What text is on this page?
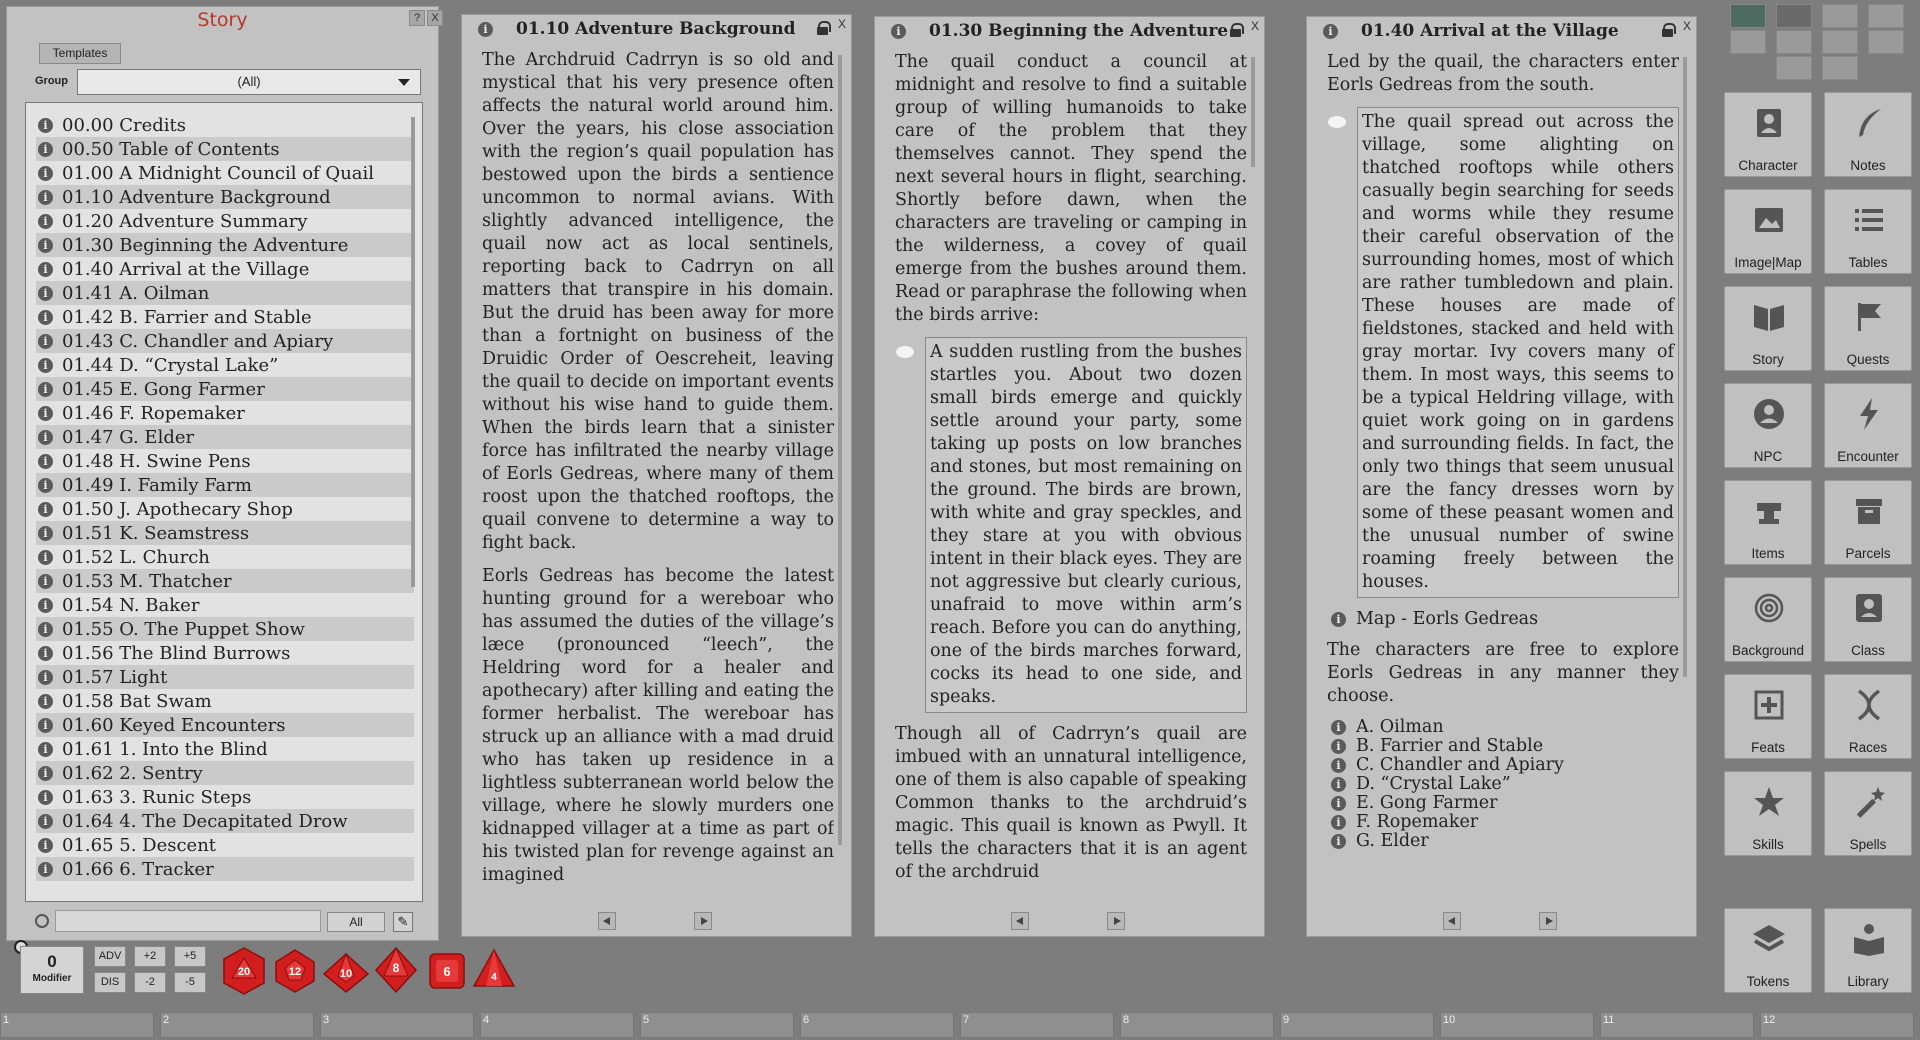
Story	?	X
Templates
Group	(All)
i 00.00 Credits
i 00.50 Table of Contents
i 01.00 A Midnight Council of Quail
i 01.10 Adventure Background
i 01.20 Adventure Summary
i 01.30 Beginning the Adventure
i 01.40 Arrival at the Village
i 01.41 A. Oilman
i 01.42 B. Farrier and Stable
i 01.43 C. Chandler and Apiary
i 01.44 D. “Crystal Lake”
i 01.45 E. Gong Farmer
i 01.46 F. Ropemaker
i 01.47 G. Elder
i 01.48 H. Swine Pens
i 01.49 I. Family Farm
i 01.50 J. Apothecary Shop
i 01.51 K. Seamstress
i 01.52 L. Church
i 01.53 M. Thatcher
i 01.54 N. Baker
i 01.55 O. The Puppet Show
i 01.56 The Blind Burrows
i 01.57 Light
i 01.58 Bat Swam
i 01.60 Keyed Encounters
i 01.61 1. Into the Blind
i 01.62 2. Sentry
i 01.63 3. Runic Steps
i 01.64 4. The Decapitated Drow
i 01.65 5. Descent
i 01.66 6. Tracker
All	✎
i	01.10 Adventure Background	X

The Archdruid Cadrryn is so old and mystical that his very presence often affects the natural world around him. Over the years, his close association with the region’s quail population has bestowed upon the birds a sentience uncommon to normal avians. With slightly advanced intelligence, the quail now act as local sentinels, reporting back to Cadrryn on all matters that transpire in his domain. But the druid has been away for more than a fortnight on business of the Druidic Order of Oescreheit, leaving the quail to decide on important events without his wise hand to guide them. When the birds learn that a sinister force has infiltrated the nearby village of Eorls Gedreas, where many of them roost upon the thatched rooftops, the quail convene to determine a way to fight back.

Eorls Gedreas has become the latest hunting ground for a wereboar who has assumed the duties of the village’s læce (pronounced “leech”, the Heldring word for a healer and apothecary) after killing and eating the former herbalist. The wereboar has struck up an alliance with a mad druid who has taken up residence in a lightless subterranean world below the village, where he slowly murders one kidnapped villager at a time as part of his twisted plan for revenge against an imagined

i	01.30 Beginning the Adventure X

The quail conduct a council at midnight and resolve to find a suitable group of willing humanoids to take care of the problem that they themselves cannot. They spend the next several hours in flight, searching. Shortly before dawn, when the characters are traveling or camping in the wilderness, a covey of quail emerge from the bushes around them. Read or paraphrase the following when the birds arrive:

A sudden rustling from the bushes startles you. About two dozen small birds emerge and quickly settle around your party, some taking up posts on low branches and stones, but most remaining on the ground. The birds are brown, with white and gray speckles, and they stare at you with obvious intent in their black eyes. They are not aggressive but clearly curious, unafraid to move within arm’s reach. Before you can do anything, one of the birds marches forward, cocks its head to one side, and speaks.

Though all of Cadrryn’s quail are imbued with an unnatural intelligence, one of them is also capable of speaking Common thanks to the archdruid’s magic. This quail is known as Pwyll. It tells the characters that it is an agent of the archdruid

i	01.40 Arrival at the Village	X

Led by the quail, the characters enter Eorls Gedreas from the south.

The quail spread out across the village, some alighting on thatched rooftops while others casually begin searching for seeds and worms while they resume their careful observation of the surrounding homes, most of which are rather tumbledown and plain. These houses are made of fieldstones, stacked and held with gray mortar. Ivy covers many of them. In most ways, this seems to be a typical Heldring village, with quiet work going on in gardens and surrounding fields. In fact, the only two things that seem unusual are the fancy dresses worn by some of these peasant women and the unusual number of swine roaming freely between the houses.
i Map - Eorls Gedreas

The characters are free to explore Eorls Gedreas in any manner they choose.

i A. Oilman
i B. Farrier and Stable
i C. Chandler and Apiary
i D. “Crystal Lake”
i E. Gong Farmer
i F. Ropemaker
i G. Elder
Character	Notes
Image|Map	Tables
Story	Quests
NPC	Encounter
Items	Parcels
Background	Class
Feats	Races
Skills	Spells
Tokens	Library
0
Modifier
ADV
DIS
+2
-2
+5
-5
20	12	10	8	6	4
1	2	3	4	5	6	7	8	9	10	11	12
